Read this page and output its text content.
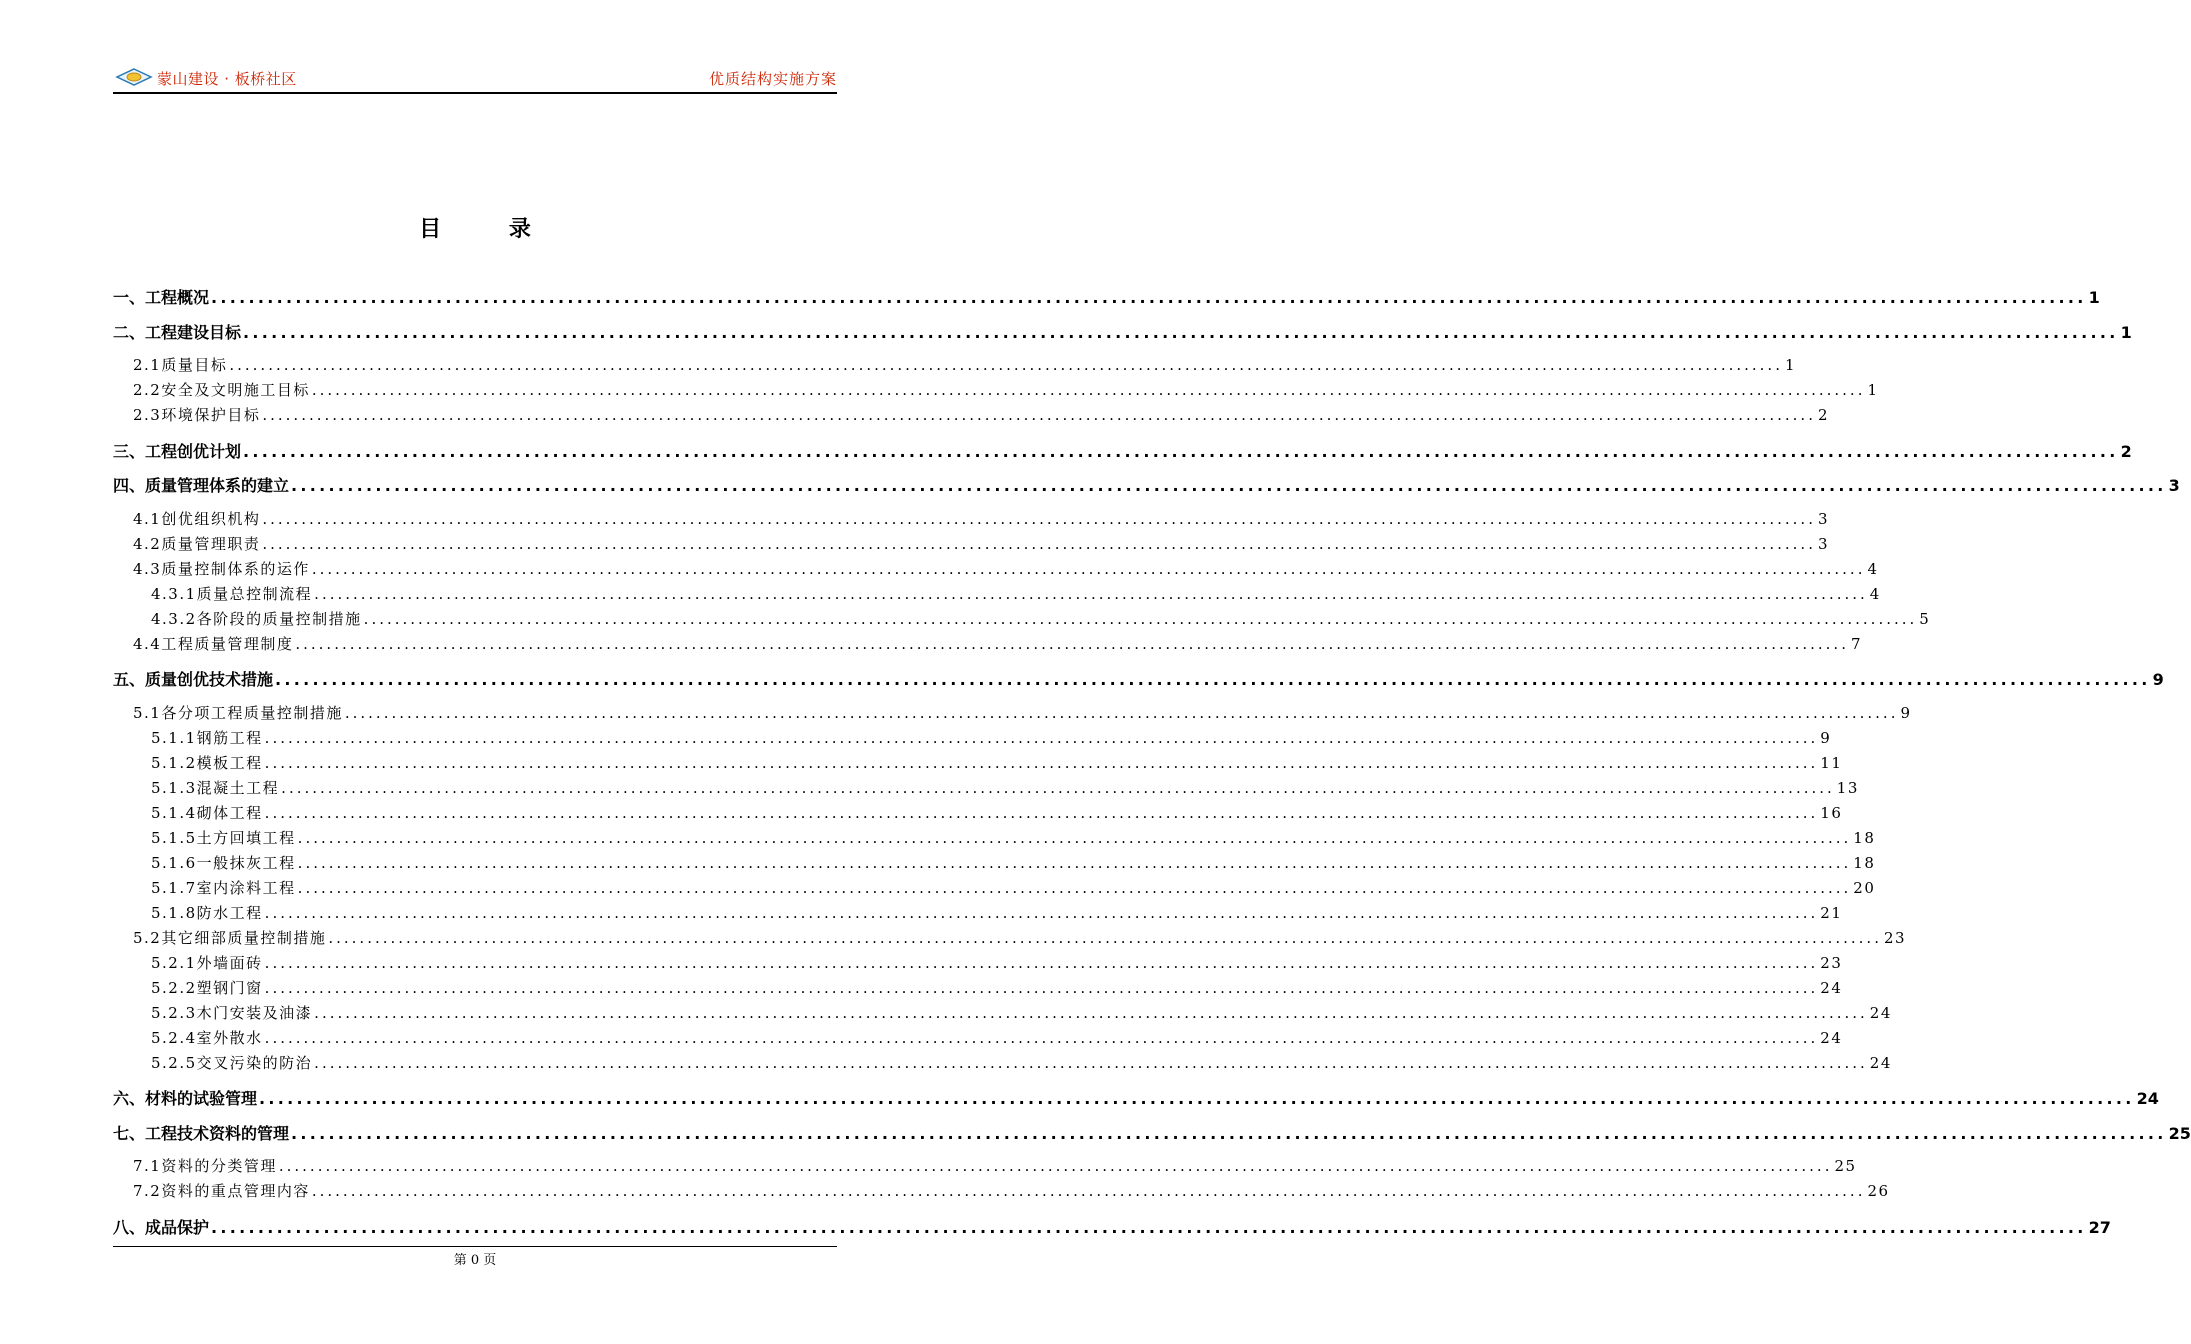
蒙山建设 · 板桥社区	优质结构实施方案
目 录
一、工程概况 ........................................................................................................................................................................................................ 1
二、工程建设目标 ........................................................................................................................................................................................................ 1
2.1质量目标 ........................................................................................................................................................................................................ 1
2.2安全及文明施工目标 ........................................................................................................................................................................................................ 1
2.3环境保护目标 ........................................................................................................................................................................................................ 2
三、工程创优计划 ........................................................................................................................................................................................................ 2
四、质量管理体系的建立 ........................................................................................................................................................................................................ 3
4.1创优组织机构 ........................................................................................................................................................................................................ 3
4.2质量管理职责 ........................................................................................................................................................................................................ 3
4.3质量控制体系的运作 ........................................................................................................................................................................................................ 4
4.3.1质量总控制流程 ........................................................................................................................................................................................................ 4
4.3.2各阶段的质量控制措施 ........................................................................................................................................................................................................ 5
4.4工程质量管理制度 ........................................................................................................................................................................................................ 7
五、质量创优技术措施 ........................................................................................................................................................................................................ 9
5.1各分项工程质量控制措施 ........................................................................................................................................................................................................ 9
5.1.1钢筋工程 ........................................................................................................................................................................................................ 9
5.1.2模板工程 ........................................................................................................................................................................................................ 11
5.1.3混凝土工程 ........................................................................................................................................................................................................ 13
5.1.4砌体工程 ........................................................................................................................................................................................................ 16
5.1.5土方回填工程 ........................................................................................................................................................................................................ 18
5.1.6一般抹灰工程 ........................................................................................................................................................................................................ 18
5.1.7室内涂料工程 ........................................................................................................................................................................................................ 20
5.1.8防水工程 ........................................................................................................................................................................................................ 21
5.2其它细部质量控制措施 ........................................................................................................................................................................................................ 23
5.2.1外墙面砖 ........................................................................................................................................................................................................ 23
5.2.2塑钢门窗 ........................................................................................................................................................................................................ 24
5.2.3木门安装及油漆 ........................................................................................................................................................................................................ 24
5.2.4室外散水 ........................................................................................................................................................................................................ 24
5.2.5交叉污染的防治 ........................................................................................................................................................................................................ 24
六、材料的试验管理 ........................................................................................................................................................................................................ 24
七、工程技术资料的管理 ........................................................................................................................................................................................................ 25
7.1资料的分类管理 ........................................................................................................................................................................................................ 25
7.2资料的重点管理内容 ........................................................................................................................................................................................................ 26
八、成品保护 ........................................................................................................................................................................................................ 27
第 0 页
